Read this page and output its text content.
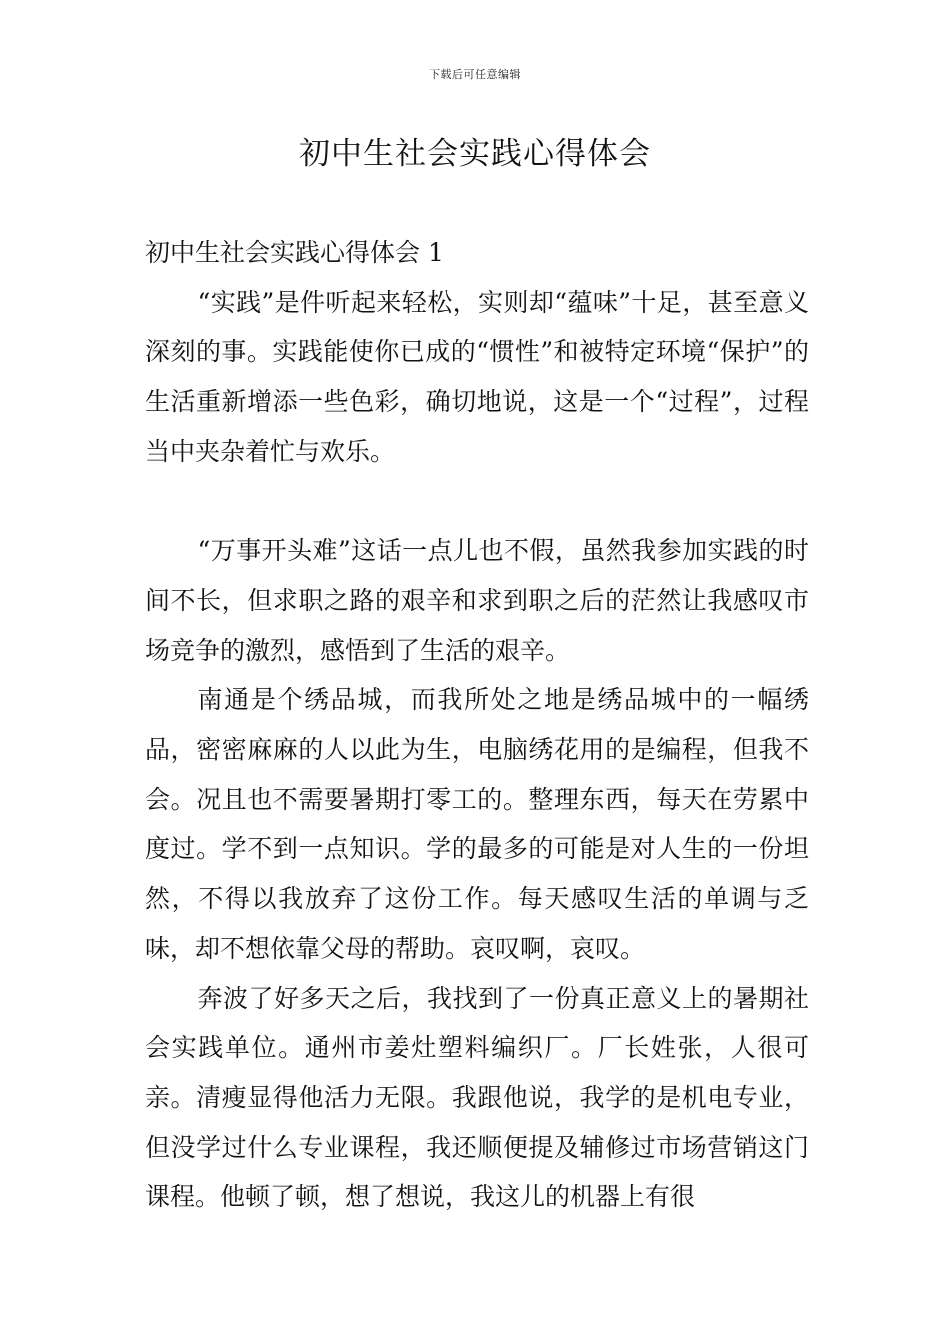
下载后可任意编辑
初中生社会实践心得体会

初中生社会实践心得体会 1

“实践”是件听起来轻松，实则却“蕴味”十足，甚至意义深刻的事。实践能使你已成的“惯性”和被特定环境“保护”的生活重新增添一些色彩，确切地说，这是一个“过程”，过程当中夹杂着忙与欢乐。

“万事开头难”这话一点儿也不假，虽然我参加实践的时间不长，但求职之路的艰辛和求到职之后的茫然让我感叹市场竞争的激烈，感悟到了生活的艰辛。

南通是个绣品城，而我所处之地是绣品城中的一幅绣品，密密麻麻的人以此为生，电脑绣花用的是编程，但我不会。况且也不需要暑期打零工的。整理东西，每天在劳累中度过。学不到一点知识。学的最多的可能是对人生的一份坦然，不得以我放弃了这份工作。每天感叹生活的单调与乏味，却不想依靠父母的帮助。哀叹啊，哀叹。

奔波了好多天之后，我找到了一份真正意义上的暑期社会实践单位。通州市姜灶塑料编织厂。厂长姓张，人很可亲。清瘦显得他活力无限。我跟他说，我学的是机电专业，但没学过什么专业课程，我还顺便提及辅修过市场营销这门课程。他顿了顿，想了想说，我这儿的机器上有很
